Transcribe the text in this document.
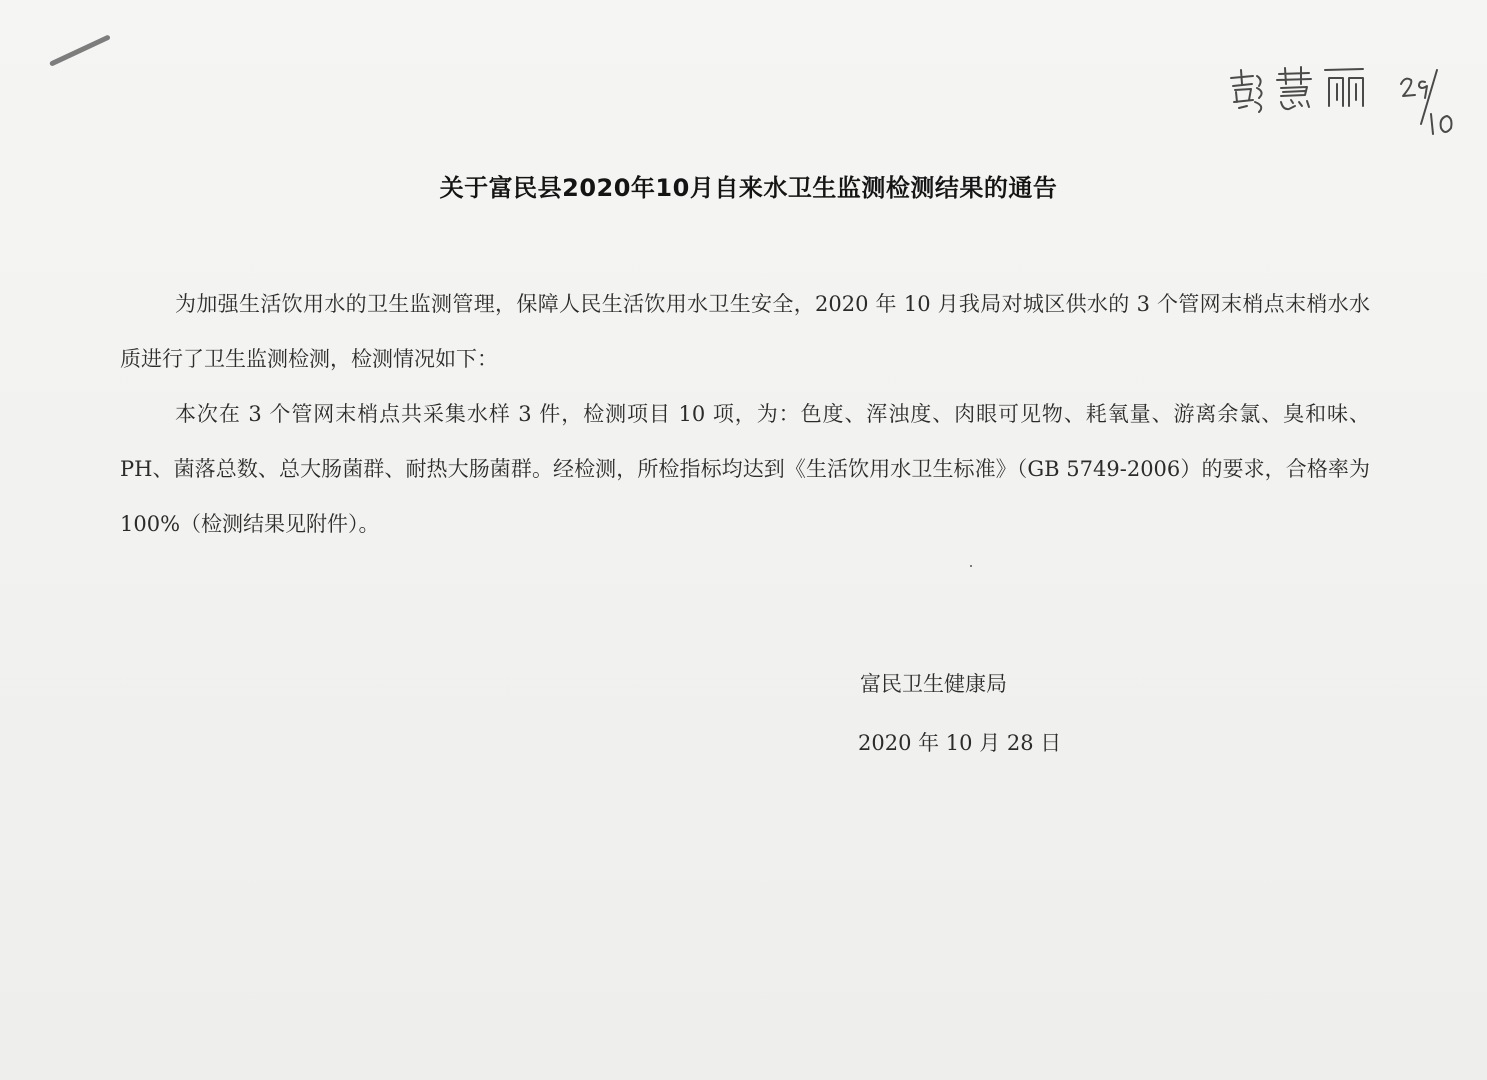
关于富民县2020年10月自来水卫生监测检测结果的通告

为加强生活饮用水的卫生监测管理，保障人民生活饮用水卫生安全，2020 年 10 月我局对城区供水的 3 个管网末梢点末梢水水质进行了卫生监测检测，检测情况如下：

本次在 3 个管网末梢点共采集水样 3 件，检测项目 10 项，为：色度、浑浊度、肉眼可见物、耗氧量、游离余氯、臭和味、PH、菌落总数、总大肠菌群、耐热大肠菌群。经检测，所检指标均达到《生活饮用水卫生标准》（GB 5749-2006）的要求，合格率为 100%（检测结果见附件）。

富民卫生健康局
2020 年 10 月 28 日
